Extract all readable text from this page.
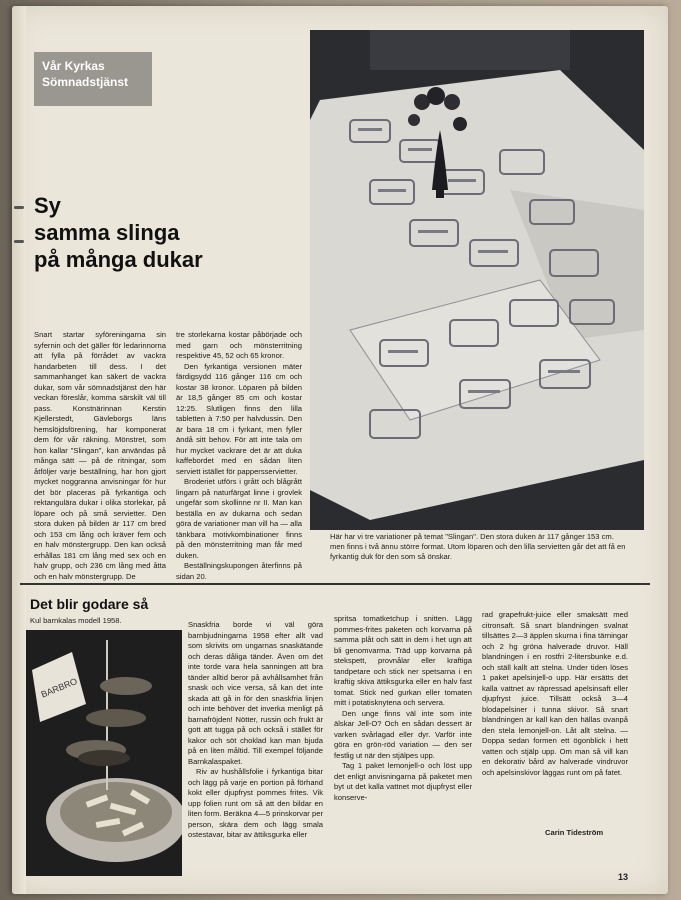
Vår Kyrkas Sömnadstjänst
Sy
samma slinga
på många dukar
Här har vi tre variationer på temat "Slingan". Den stora duken är 117 gånger 153 cm. men finns i två ännu större format. Utom löparen och den lilla servietten går det att få en fyrkantig duk för den som så önskar.

Snart startar syföreningarna sin syfernin och det gäller för ledarinnorna att fylla på förrådet av vackra handarbeten till dess. I det sammanhanget kan säkert de vackra dukar, som vår sömnadstjänst den här veckan föreslår, komma särskilt väl till pass. Konstnärinnan Kerstin Kjellerstedt, Gävleborgs läns hemslöjdsförening, har komponerat dem för vår räkning. Mönstret, som hon kallar "Slingan", kan användas på många sätt — på de ritningar, som åtföljer varje beställning, har hon gjort mycket noggranna anvisningar för hur det bör placeras på fyrkantiga och rektangulära dukar i olika storlekar, på löpare och på små servietter. Den stora duken på bilden är 117 cm bred och 153 cm lång och kräver fem och en halv mönstergrupp. Den kan också erhållas 181 cm lång med sex och en halv grupp, och 236 cm lång med åtta och en halv mönstergrupp. De

tre storlekarna kostar påbörjade och med garn och mönsterritning respektive 45, 52 och 65 kronor.

Den fyrkantiga versionen mäter färdigsydd 116 gånger 116 cm och kostar 38 kronor. Löparen på bilden är 18,5 gånger 85 cm och kostar 12:25. Slutligen finns den lilla tabletten à 7:50 per halvdussin. Den är bara 18 cm i fyrkant, men fyller ändå sitt behov. För att inte tala om hur mycket vackrare det är att duka kaffebordet med en sådan liten serviett istället för pappersservietter.

Broderiet utförs i grått och blågrått lingarn på naturfärgat linne i grovlek ungefär som skollinne nr II. Man kan beställa en av dukarna och sedan göra de variationer man vill ha — alla tänkbara motivkombinationer finns på den mönsterritning man får med duken.

Beställningskupongen återfinns på sidan 20.

Det blir godare så
Kul barnkalas modell 1958.
BARBRO

Snaskfria borde vi väl göra barnbjudningarna 1958 efter allt vad som skrivits om ungarnas snaskätande och deras dåliga tänder. Även om det inte torde vara hela sanningen att bra tänder alltid beror på avhållsamhet från snask och vice versa, så kan det inte skada att gå in för den snaskfria linjen och inte behöver det inverka menligt på barnafröjden! Nötter, russin och frukt är gott att tugga på och också i stället för kakor och söt choklad kan man bjuda på en liten måltid. Till exempel följande Barnkalaspaket.

Riv av hushållsfolie i fyrkantiga bitar och lägg på varje en portion på förhand kokt eller djupfryst pommes frites. Vik upp folien runt om så att den bildar en liten form. Beräkna 4—5 prinskorvar per person, skära dem och lägg smala ostestavar, bitar av ättiksgurka eller

spritsa tomatketchup i snitten. Lägg pommes-frites paketen och korvarna på samma plåt och sätt in dem i het ugn att bli genomvarma. Träd upp korvarna på stekspett, provnålar eller kraftiga tandpetare och stick ner spetsarna i en kraftig skiva ättiksgurka eller en halv fast tomat. Stick ned gurkan eller tomaten mitt i potatisknytena och servera.

Den unge finns väl inte som inte älskar Jell-O? Och en sådan dessert är varken svårlagad eller dyr. Varför inte göra en grön-röd variation — den ser festlig ut när den stjälpes upp.

Tag 1 paket lemonjell-o och löst upp det enligt anvisningarna på paketet men byt ut det kalla vattnet mot djupfryst eller konserve-

rad grapefrukt-juice eller smaksätt med citronsaft. Så snart blandningen svalnat tillsättes 2—3 äpplen skurna i fina tärningar och 2 hg gröna halverade druvor. Häll blandningen i en rostfri 2-litersbunke e.d. och ställ kallt att stelna. Under tiden löses 1 paket apelsinjell-o upp. Här ersätts det kalla vattnet av räpressad apelsinsaft eller djupfryst juice. Tillsätt också 3—4 blodapelsiner i tunna skivor. Så snart blandningen är kall kan den hällas ovanpå den stela lemonjell-on. Låt allt stelna. — Doppa sedan formen ett ögonblick i hett vatten och stjälp upp. Om man så vill kan en dekorativ bård av halverade vindruvor och apelsinskivor läggas runt om på fatet.

Carin Tideström
13
